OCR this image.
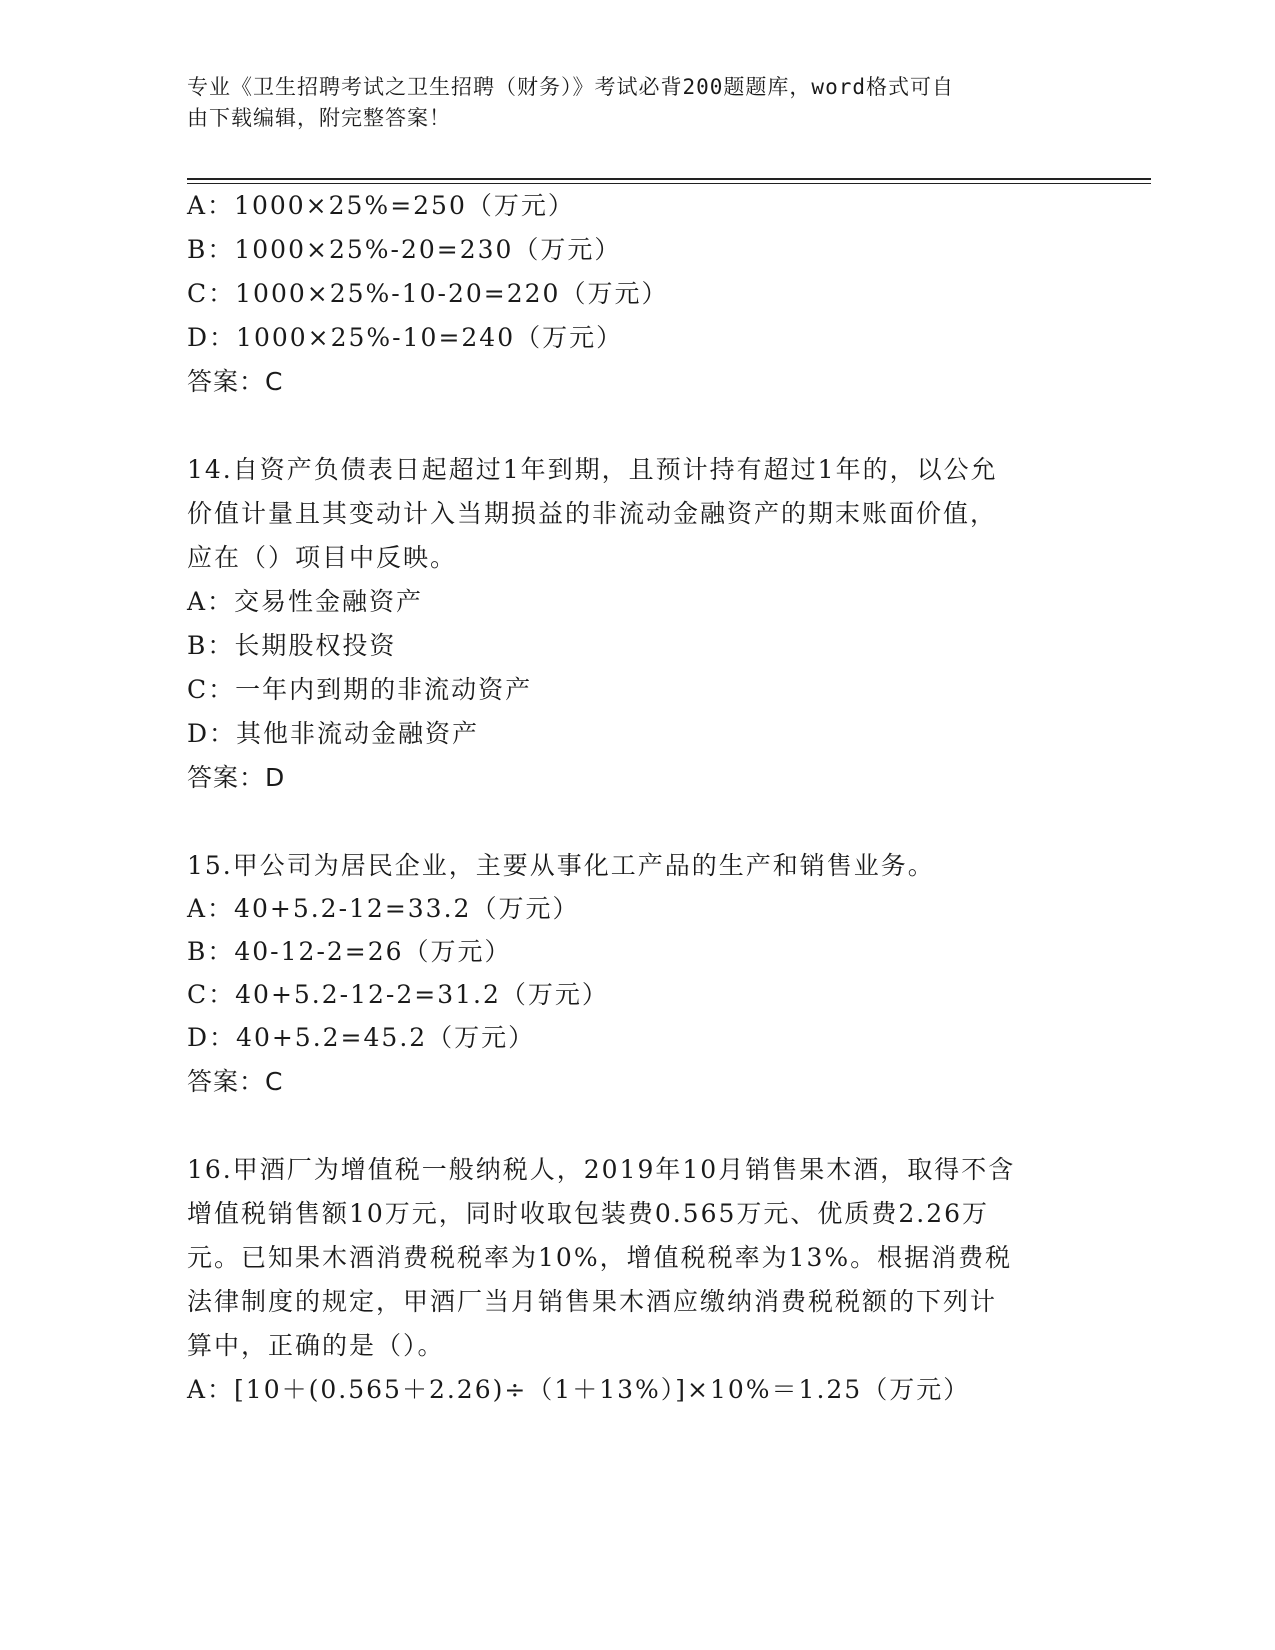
专业《卫生招聘考试之卫生招聘（财务）》考试必背200题题库，word格式可自
由下载编辑，附完整答案！
A：1000×25%=250（万元）
B：1000×25%-20=230（万元）
C：1000×25%-10-20=220（万元）
D：1000×25%-10=240（万元）
答案：C
14.自资产负债表日起超过1年到期，且预计持有超过1年的，以公允
价值计量且其变动计入当期损益的非流动金融资产的期末账面价值，
应在（）项目中反映。
A：交易性金融资产
B：长期股权投资
C：一年内到期的非流动资产
D：其他非流动金融资产
答案：D
15.甲公司为居民企业，主要从事化工产品的生产和销售业务。
A：40+5.2-12=33.2（万元）
B：40-12-2=26（万元）
C：40+5.2-12-2=31.2（万元）
D：40+5.2=45.2（万元）
答案：C
16.甲酒厂为增值税一般纳税人，2019年10月销售果木酒，取得不含
增值税销售额10万元，同时收取包装费0.565万元、优质费2.26万
元。已知果木酒消费税税率为10%，增值税税率为13%。根据消费税
法律制度的规定，甲酒厂当月销售果木酒应缴纳消费税税额的下列计
算中，正确的是（）。
A：[10＋(0.565＋2.26)÷（1＋13%）]×10%＝1.25（万元）
